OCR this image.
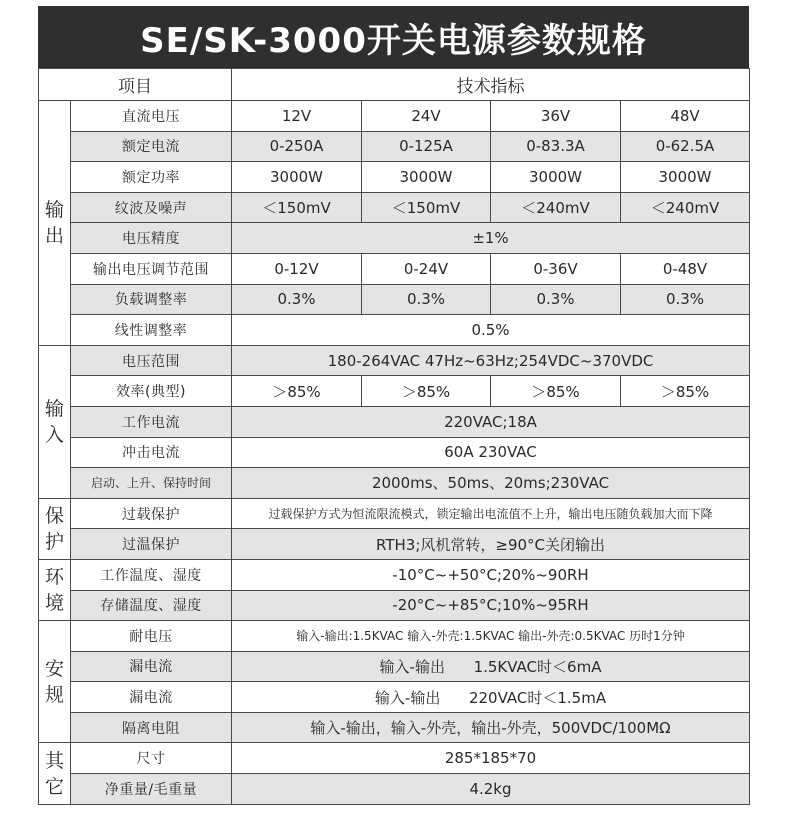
SE/SK-3000开关电源参数规格
项目		技术指标			
输出	直流电压	12V	24V	36V	48V
	额定电流	0-250A	0-125A	0-83.3A	0-62.5A
	额定功率	3000W	3000W	3000W	3000W
	纹波及噪声	＜150mV	＜150mV	＜240mV	＜240mV
	电压精度	±1%			
	输出电压调节范围	0-12V	0-24V	0-36V	0-48V
	负载调整率	0.3%	0.3%	0.3%	0.3%
	线性调整率	0.5%			
输入	电压范围	180-264VAC 47Hz~63Hz;254VDC~370VDC			
	效率(典型)	＞85%	＞85%	＞85%	＞85%
	工作电流	220VAC;18A			
	冲击电流	60A 230VAC			
	启动、上升、保持时间	2000ms、50ms、20ms;230VAC			
保护	过载保护	过载保护方式为恒流限流模式，锁定输出电流值不上升，输出电压随负载加大而下降			
	过温保护	RTH3;风机常转，≥90°C关闭输出			
环境	工作温度、湿度	-10°C~+50°C;20%~90RH			
	存储温度、湿度	-20°C~+85°C;10%~95RH			
安规	耐电压	输入-输出:1.5KVAC 输入-外壳:1.5KVAC 输出-外壳:0.5KVAC 历时1分钟			
	漏电流	输入-输出      1.5KVAC时＜6mA			
	漏电流	输入-输出      220VAC时＜1.5mA			
	隔离电阻	输入-输出，输入-外壳，输出-外壳，500VDC/100MΩ			
其它	尺寸	285*185*70			
	净重量/毛重量	4.2kg			
